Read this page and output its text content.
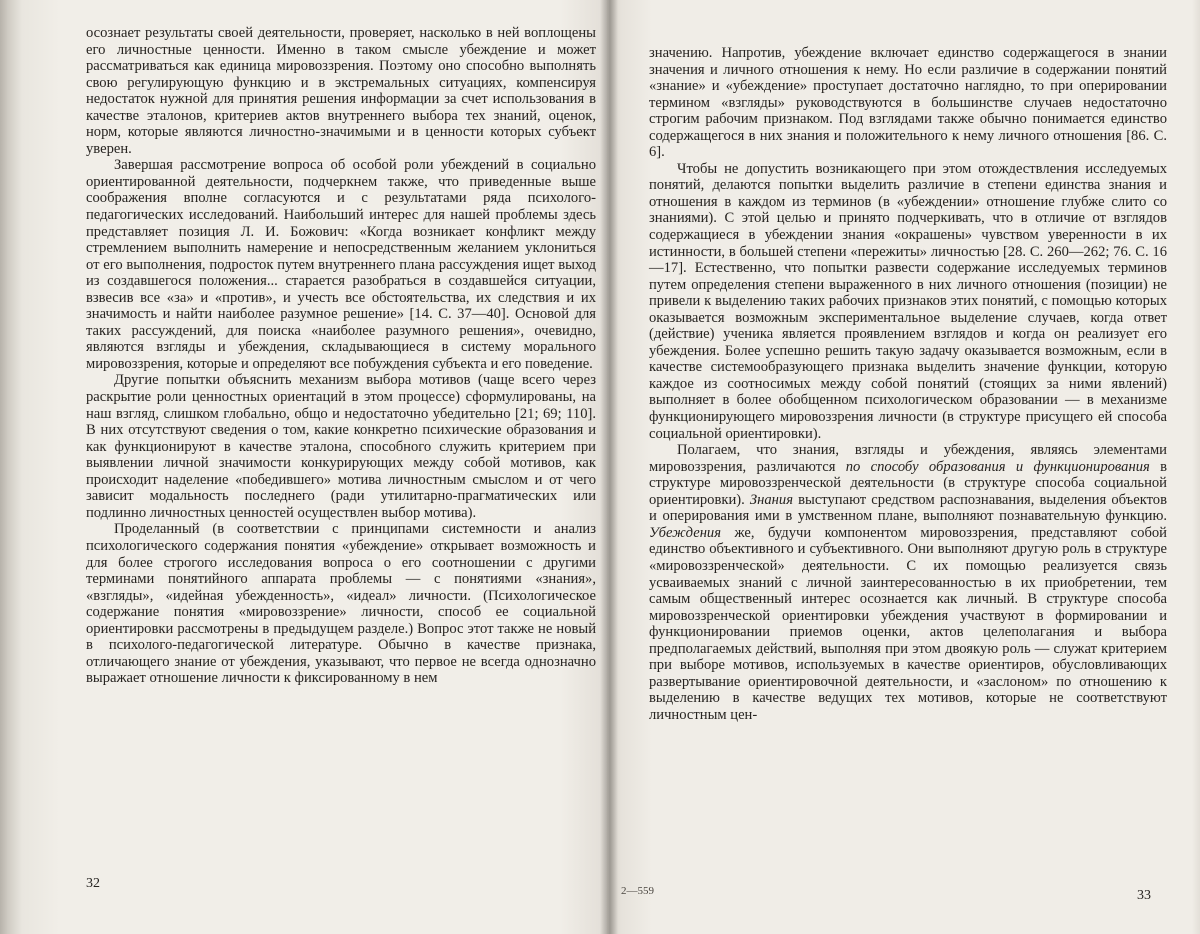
осознает результаты своей деятельности, проверяет, насколько в ней воплощены его личностные ценности. Именно в таком смысле убеждение и может рассматриваться как единица мировоззрения. Поэтому оно способно выполнять свою регулирующую функцию и в экстремальных ситуациях, компенсируя недостаток нужной для принятия решения информации за счет использования в качестве эталонов, критериев актов внутреннего выбора тех знаний, оценок, норм, которые являются личностно-значимыми и в ценности которых субъект уверен.

Завершая рассмотрение вопроса об особой роли убеждений в социально ориентированной деятельности, подчеркнем также, что приведенные выше соображения вполне согласуются и с результатами ряда психолого-педагогических исследований. Наибольший интерес для нашей проблемы здесь представляет позиция Л. И. Божович: «Когда возникает конфликт между стремлением выполнить намерение и непосредственным желанием уклониться от его выполнения, подросток путем внутреннего плана рассуждения ищет выход из создавшегося положения... старается разобраться в создавшейся ситуации, взвесив все «за» и «против», и учесть все обстоятельства, их следствия и их значимость и найти наиболее разумное решение» [14. С. 37—40]. Основой для таких рассуждений, для поиска «наиболее разумного решения», очевидно, являются взгляды и убеждения, складывающиеся в систему морального мировоззрения, которые и определяют все побуждения субъекта и его поведение.

Другие попытки объяснить механизм выбора мотивов (чаще всего через раскрытие роли ценностных ориентаций в этом процессе) сформулированы, на наш взгляд, слишком глобально, общо и недостаточно убедительно [21; 69; 110]. В них отсутствуют сведения о том, какие конкретно психические образования и как функционируют в качестве эталона, способного служить критерием при выявлении личной значимости конкурирующих между собой мотивов, как происходит наделение «победившего» мотива личностным смыслом и от чего зависит модальность последнего (ради утилитарно-прагматических или подлинно личностных ценностей осуществлен выбор мотива).

Проделанный (в соответствии с принципами системности и анализ психологического содержания понятия «убеждение» открывает возможность и для более строгого исследования вопроса о его соотношении с другими терминами понятийного аппарата проблемы — с понятиями «знания», «взгляды», «идейная убежденность», «идеал» личности. (Психологическое содержание понятия «мировоззрение» личности, способ ее социальной ориентировки рассмотрены в предыдущем разделе.) Вопрос этот также не новый в психолого-педагогической литературе. Обычно в качестве признака, отличающего знание от убеждения, указывают, что первое не всегда однозначно выражает отношение личности к фиксированному в нем

32

значению. Напротив, убеждение включает единство содержащегося в знании значения и личного отношения к нему. Но если различие в содержании понятий «знание» и «убеждение» проступает достаточно наглядно, то при оперировании термином «взгляды» руководствуются в большинстве случаев недостаточно строгим рабочим признаком. Под взглядами также обычно понимается единство содержащегося в них знания и положительного к нему личного отношения [86. С. 6].

Чтобы не допустить возникающего при этом отождествления исследуемых понятий, делаются попытки выделить различие в степени единства знания и отношения в каждом из терминов (в «убеждении» отношение глубже слито со знаниями). С этой целью и принято подчеркивать, что в отличие от взглядов содержащиеся в убеждении знания «окрашены» чувством уверенности в их истинности, в большей степени «пережиты» личностью [28. С. 260—262; 76. С. 16—17]. Естественно, что попытки развести содержание исследуемых терминов путем определения степени выраженного в них личного отношения (позиции) не привели к выделению таких рабочих признаков этих понятий, с помощью которых оказывается возможным экспериментальное выделение случаев, когда ответ (действие) ученика является проявлением взглядов и когда он реализует его убеждения. Более успешно решить такую задачу оказывается возможным, если в качестве системообразующего признака выделить значение функции, которую каждое из соотносимых между собой понятий (стоящих за ними явлений) выполняет в более обобщенном психологическом образовании — в механизме функционирующего мировоззрения личности (в структуре присущего ей способа социальной ориентировки).

Полагаем, что знания, взгляды и убеждения, являясь элементами мировоззрения, различаются по способу образования и функционирования в структуре мировоззренческой деятельности (в структуре способа социальной ориентировки). Знания выступают средством распознавания, выделения объектов и оперирования ими в умственном плане, выполняют познавательную функцию. Убеждения же, будучи компонентом мировоззрения, представляют собой единство объективного и субъективного. Они выполняют другую роль в структуре «мировоззренческой» деятельности. С их помощью реализуется связь усваиваемых знаний с личной заинтересованностью в их приобретении, тем самым общественный интерес осознается как личный. В структуре способа мировоззренческой ориентировки убеждения участвуют в формировании и функционировании приемов оценки, актов целеполагания и выбора предполагаемых действий, выполняя при этом двоякую роль — служат критерием при выборе мотивов, используемых в качестве ориентиров, обусловливающих развертывание ориентировочной деятельности, и «заслоном» по отношению к выделению в качестве ведущих тех мотивов, которые не соответствуют личностным цен-

2—559	33
